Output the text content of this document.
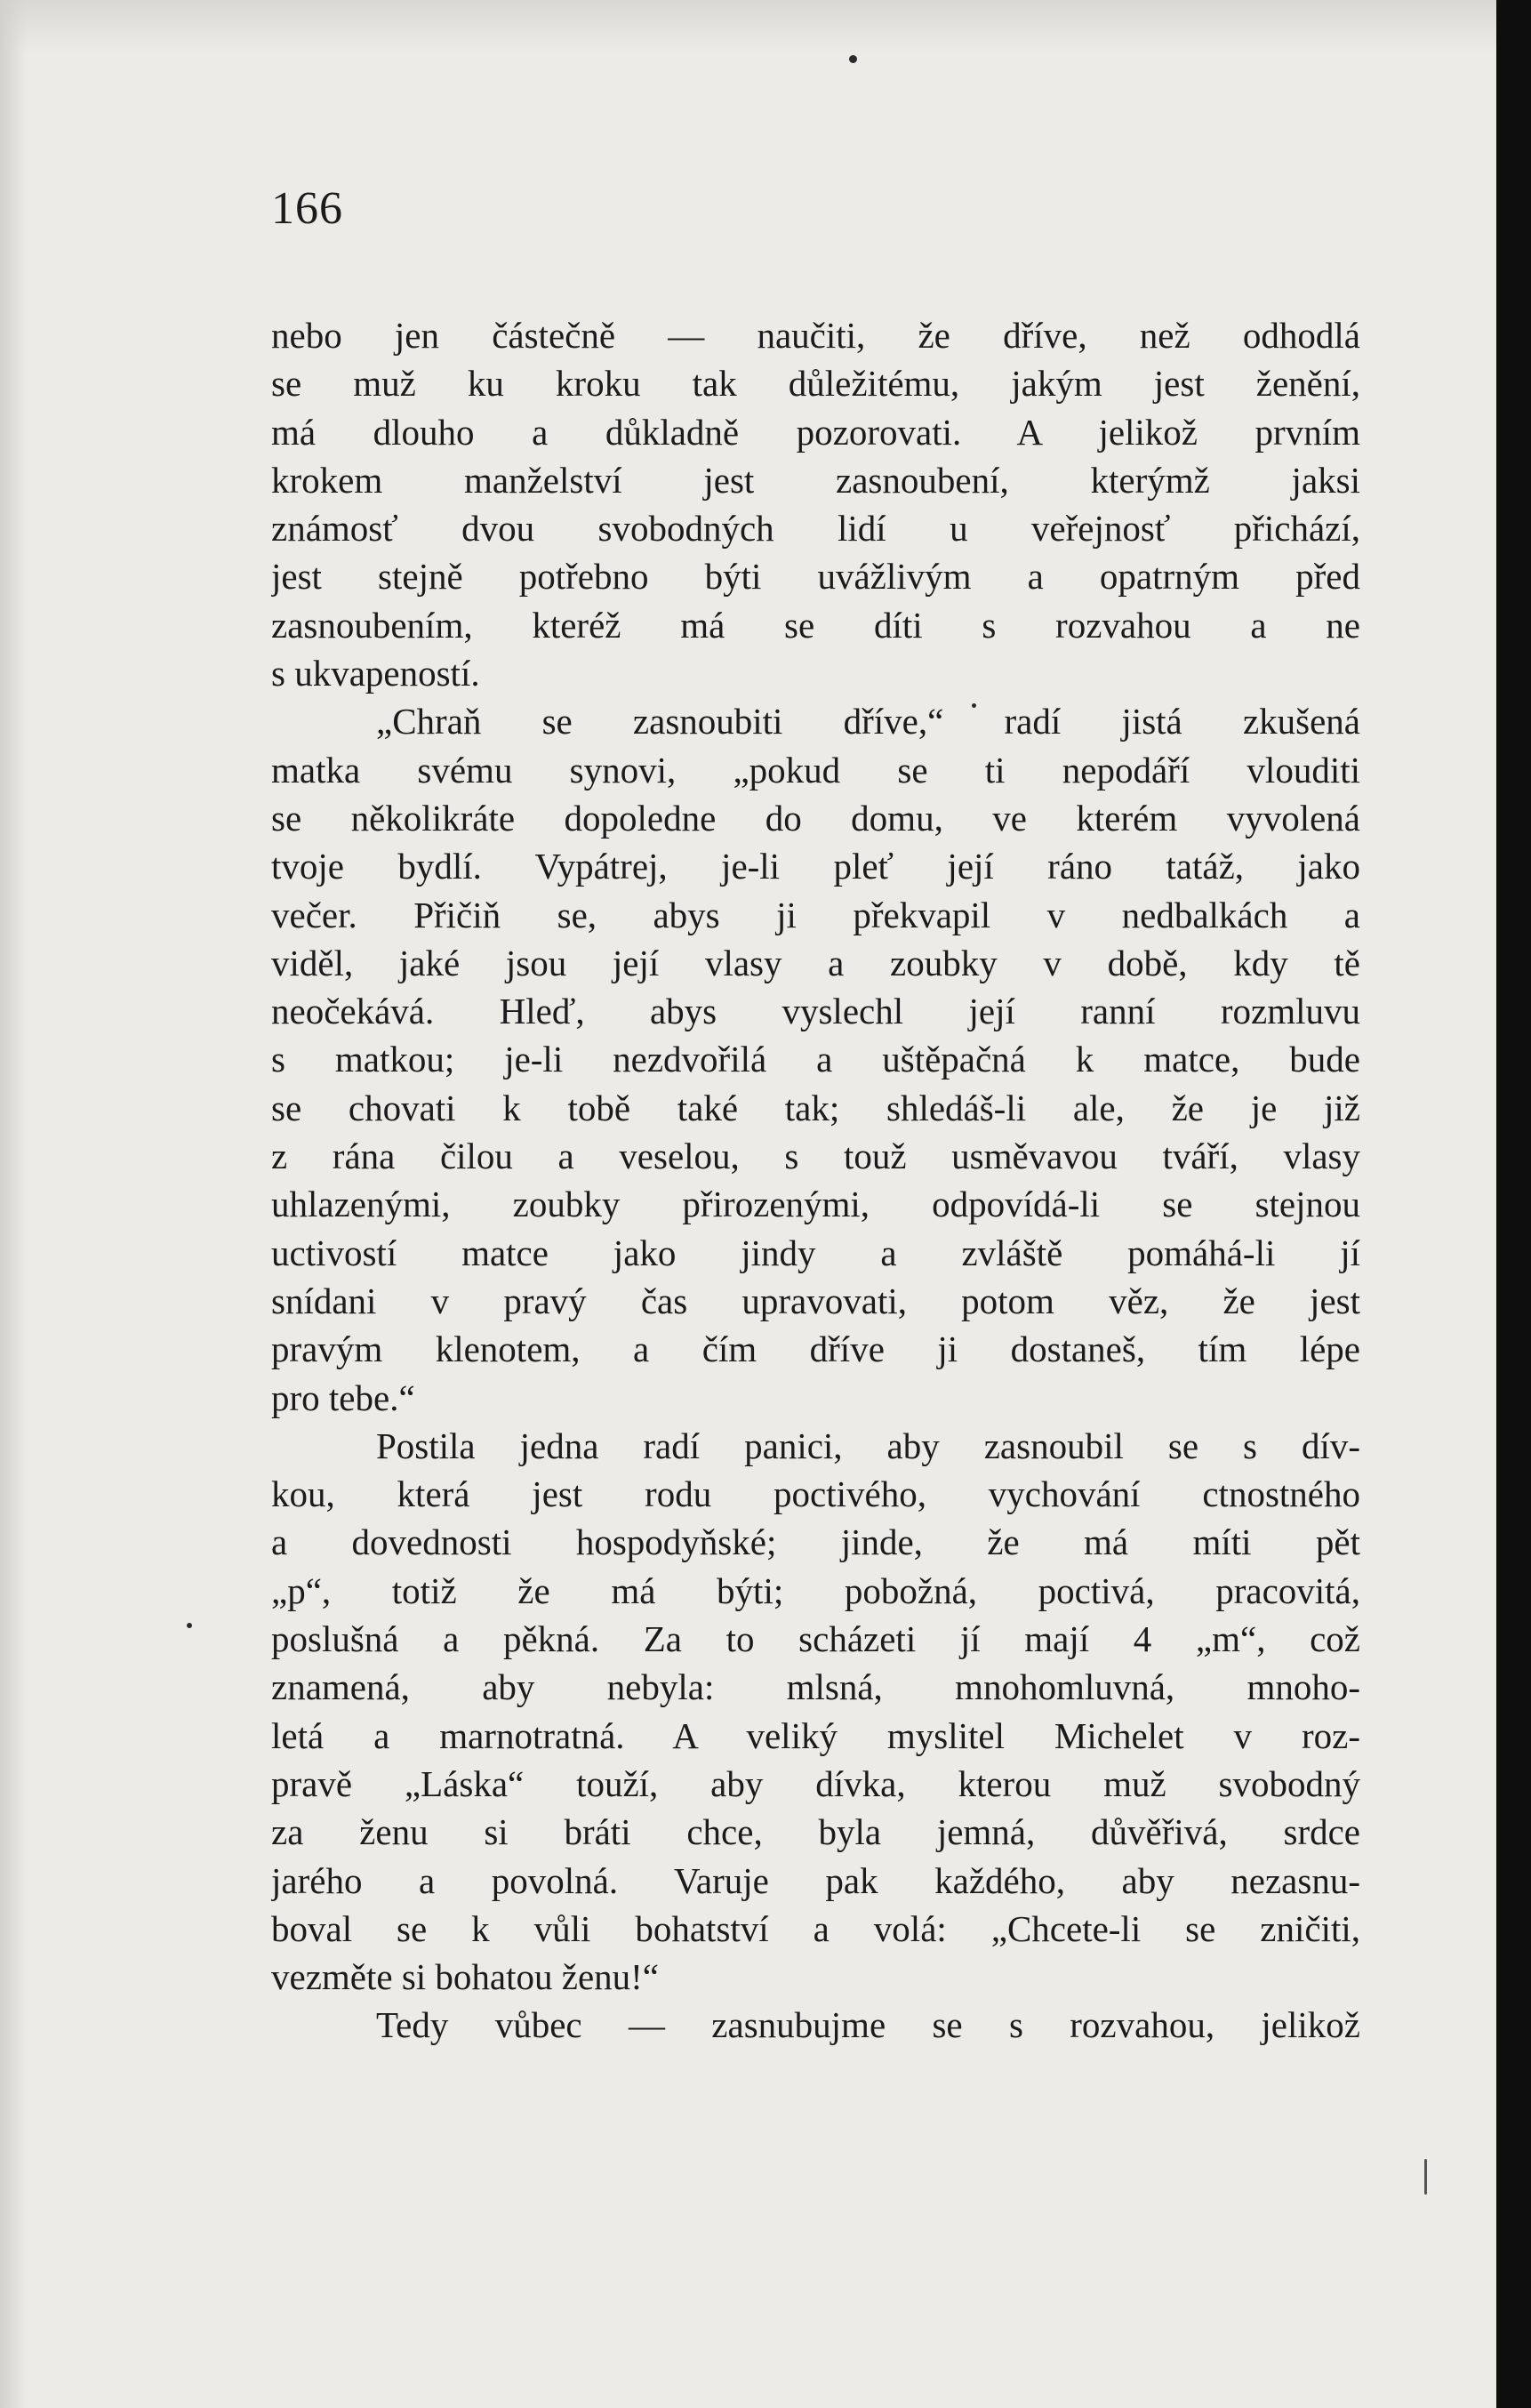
166
nebo jen částečně — naučiti, že dříve, než odhodlá
se muž ku kroku tak důležitému, jakým jest ženění,
má dlouho a důkladně pozorovati. A jelikož prvním
krokem manželství jest zasnoubení, kterýmž jaksi
známosť dvou svobodných lidí u veřejnosť přichází,
jest stejně potřebno býti uvážlivým a opatrným před
zasnoubením, kteréž má se díti s rozvahou a ne
s ukvapeností.
„Chraň se zasnoubiti dříve,“ radí jistá zkušená
matka svému synovi, „pokud se ti nepodáří vlouditi
se několikráte dopoledne do domu, ve kterém vyvolená
tvoje bydlí. Vypátrej, je-li pleť její ráno tatáž, jako
večer. Přičiň se, abys ji překvapil v nedbalkách a
viděl, jaké jsou její vlasy a zoubky v době, kdy tě
neočekává. Hleď, abys vyslechl její ranní rozmluvu
s matkou; je-li nezdvořilá a uštěpačná k matce, bude
se chovati k tobě také tak; shledáš-li ale, že je již
z rána čilou a veselou, s touž usměvavou tváří, vlasy
uhlazenými, zoubky přirozenými, odpovídá-li se stejnou
uctivostí matce jako jindy a zvláště pomáhá-li jí
snídani v pravý čas upravovati, potom věz, že jest
pravým klenotem, a čím dříve ji dostaneš, tím lépe
pro tebe.“
Postila jedna radí panici, aby zasnoubil se s dív-
kou, která jest rodu poctivého, vychování ctnostného
a dovednosti hospodyňské; jinde, že má míti pět
„p“, totiž že má býti; pobožná, poctivá, pracovitá,
poslušná a pěkná. Za to scházeti jí mají 4 „m“, což
znamená, aby nebyla: mlsná, mnohomluvná, mnoho-
letá a marnotratná. A veliký myslitel Michelet v roz-
pravě „Láska“ touží, aby dívka, kterou muž svobodný
za ženu si bráti chce, byla jemná, důvěřivá, srdce
jarého a povolná. Varuje pak každého, aby nezasnu-
boval se k vůli bohatství a volá: „Chcete-li se zničiti,
vezměte si bohatou ženu!“
Tedy vůbec — zasnubujme se s rozvahou, jelikož
